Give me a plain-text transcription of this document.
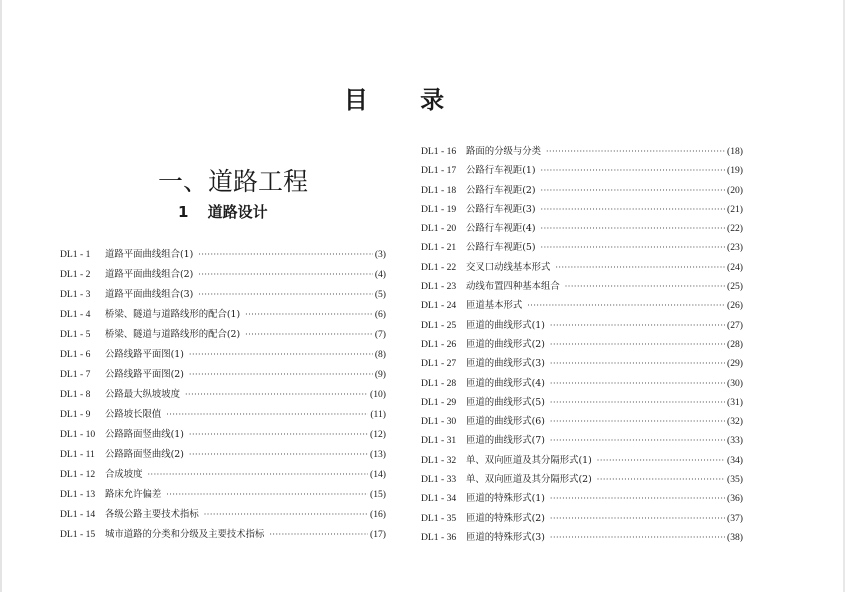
目 录
一、道路工程
1 道路设计
DL1 - 1	道路平面曲线组合(1) ·····	(3)
DL1 - 2	道路平面曲线组合(2) ·····	(4)
DL1 - 3	道路平面曲线组合(3) ·····	(5)
DL1 - 4	桥梁、隧道与道路线形的配合(1) ·····	(6)
DL1 - 5	桥梁、隧道与道路线形的配合(2) ·····	(7)
DL1 - 6	公路线路平面图(1) ·····	(8)
DL1 - 7	公路线路平面图(2) ·····	(9)
DL1 - 8	公路最大纵坡坡度 ·····	(10)
DL1 - 9	公路坡长限值 ·····	(11)
DL1 - 10	公路路面竖曲线(1) ·····	(12)
DL1 - 11	公路路面竖曲线(2) ·····	(13)
DL1 - 12	合成坡度 ·····	(14)
DL1 - 13	路床允许偏差 ·····	(15)
DL1 - 14	各级公路主要技术指标 ·····	(16)
DL1 - 15	城市道路的分类和分级及主要技术指标 ·····	(17)
DL1 - 16	路面的分级与分类 ·····	(18)
DL1 - 17	公路行车视距(1) ·····	(19)
DL1 - 18	公路行车视距(2) ·····	(20)
DL1 - 19	公路行车视距(3) ·····	(21)
DL1 - 20	公路行车视距(4) ·····	(22)
DL1 - 21	公路行车视距(5) ·····	(23)
DL1 - 22	交叉口动线基本形式 ·····	(24)
DL1 - 23	动线布置四种基本组合 ·····	(25)
DL1 - 24	匝道基本形式 ·····	(26)
DL1 - 25	匝道的曲线形式(1) ·····	(27)
DL1 - 26	匝道的曲线形式(2) ·····	(28)
DL1 - 27	匝道的曲线形式(3) ·····	(29)
DL1 - 28	匝道的曲线形式(4) ·····	(30)
DL1 - 29	匝道的曲线形式(5) ·····	(31)
DL1 - 30	匝道的曲线形式(6) ·····	(32)
DL1 - 31	匝道的曲线形式(7) ·····	(33)
DL1 - 32	单、双向匝道及其分隔形式(1) ·····	(34)
DL1 - 33	单、双向匝道及其分隔形式(2) ·····	(35)
DL1 - 34	匝道的特殊形式(1) ·····	(36)
DL1 - 35	匝道的特殊形式(2) ·····	(37)
DL1 - 36	匝道的特殊形式(3) ·····	(38)
